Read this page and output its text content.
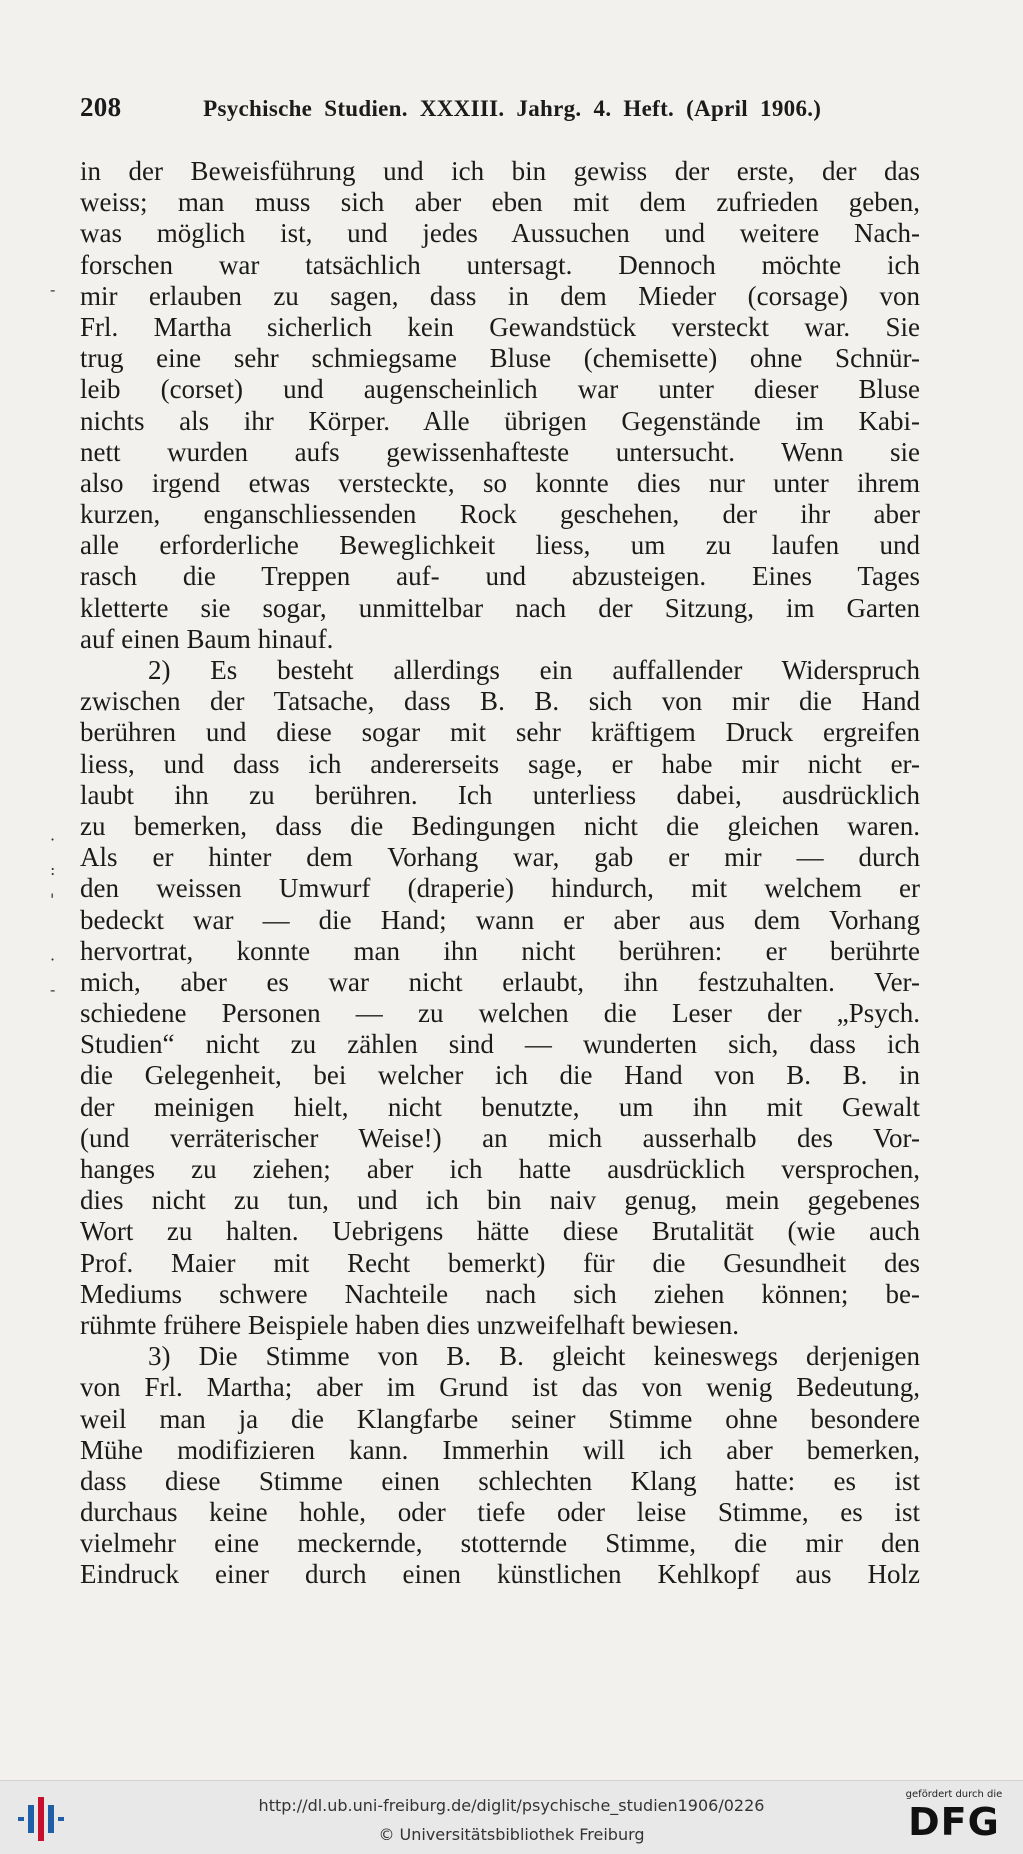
208	Psychische Studien. XXXIII. Jahrg. 4. Heft. (April 1906.)
‐
·
:
'
·
‐
in der Beweisführung und ich bin gewiss der erste, der das
weiss; man muss sich aber eben mit dem zufrieden geben,
was möglich ist, und jedes Aussuchen und weitere Nach-
forschen war tatsächlich untersagt. Dennoch möchte ich
mir erlauben zu sagen, dass in dem Mieder (corsage) von
Frl. Martha sicherlich kein Gewandstück versteckt war. Sie
trug eine sehr schmiegsame Bluse (chemisette) ohne Schnür-
leib (corset) und augenscheinlich war unter dieser Bluse
nichts als ihr Körper. Alle übrigen Gegenstände im Kabi-
nett wurden aufs gewissenhafteste untersucht. Wenn sie
also irgend etwas versteckte, so konnte dies nur unter ihrem
kurzen, enganschliessenden Rock geschehen, der ihr aber
alle erforderliche Beweglichkeit liess, um zu laufen und
rasch die Treppen auf- und abzusteigen. Eines Tages
kletterte sie sogar, unmittelbar nach der Sitzung, im Garten
auf einen Baum hinauf.
2) Es besteht allerdings ein auffallender Widerspruch
zwischen der Tatsache, dass B. B. sich von mir die Hand
berühren und diese sogar mit sehr kräftigem Druck ergreifen
liess, und dass ich andererseits sage, er habe mir nicht er-
laubt ihn zu berühren. Ich unterliess dabei, ausdrücklich
zu bemerken, dass die Bedingungen nicht die gleichen waren.
Als er hinter dem Vorhang war, gab er mir — durch
den weissen Umwurf (draperie) hindurch, mit welchem er
bedeckt war — die Hand; wann er aber aus dem Vorhang
hervortrat, konnte man ihn nicht berühren: er berührte
mich, aber es war nicht erlaubt, ihn festzuhalten. Ver-
schiedene Personen — zu welchen die Leser der „Psych.
Studien“ nicht zu zählen sind — wunderten sich, dass ich
die Gelegenheit, bei welcher ich die Hand von B. B. in
der meinigen hielt, nicht benutzte, um ihn mit Gewalt
(und verräterischer Weise!) an mich ausserhalb des Vor-
hanges zu ziehen; aber ich hatte ausdrücklich versprochen,
dies nicht zu tun, und ich bin naiv genug, mein gegebenes
Wort zu halten. Uebrigens hätte diese Brutalität (wie auch
Prof. Maier mit Recht bemerkt) für die Gesundheit des
Mediums schwere Nachteile nach sich ziehen können; be-
rühmte frühere Beispiele haben dies unzweifelhaft bewiesen.
3) Die Stimme von B. B. gleicht keineswegs derjenigen
von Frl. Martha; aber im Grund ist das von wenig Bedeutung,
weil man ja die Klangfarbe seiner Stimme ohne besondere
Mühe modifizieren kann. Immerhin will ich aber bemerken,
dass diese Stimme einen schlechten Klang hatte: es ist
durchaus keine hohle, oder tiefe oder leise Stimme, es ist
vielmehr eine meckernde, stotternde Stimme, die mir den
Eindruck einer durch einen künstlichen Kehlkopf aus Holz
http://dl.ub.uni-freiburg.de/diglit/psychische_studien1906/0226
© Universitätsbibliothek Freiburg
gefördert durch die
DFG
